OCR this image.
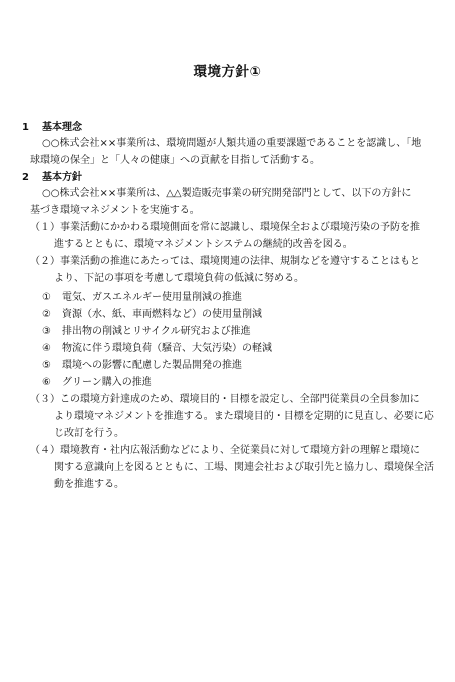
環境方針①
1 基本理念
○○株式会社××事業所は、環境問題が人類共通の重要課題であることを認識し、「地
球環境の保全」と「人々の健康」への貢献を目指して活動する。
2 基本方針
○○株式会社××事業所は、△△製造販売事業の研究開発部門として、以下の方針に
基づき環境マネジメントを実施する。
（１）事業活動にかかわる環境側面を常に認識し、環境保全および環境汚染の予防を推
進するとともに、環境マネジメントシステムの継続的改善を図る。
（２）事業活動の推進にあたっては、環境関連の法律、規制などを遵守することはもと
より、下記の事項を考慮して環境負荷の低減に努める。
① 電気、ガスエネルギー使用量削減の推進
② 資源（水、紙、車両燃料など）の使用量削減
③ 排出物の削減とリサイクル研究および推進
④ 物流に伴う環境負荷（騒音、大気汚染）の軽減
⑤ 環境への影響に配慮した製品開発の推進
⑥ グリーン購入の推進
（３）この環境方針達成のため、環境目的・目標を設定し、全部門従業員の全員参加に
より環境マネジメントを推進する。また環境目的・目標を定期的に見直し、必要に応
じ改訂を行う。
（４）環境教育・社内広報活動などにより、全従業員に対して環境方針の理解と環境に
関する意識向上を図るとともに、工場、関連会社および取引先と協力し、環境保全活
動を推進する。
